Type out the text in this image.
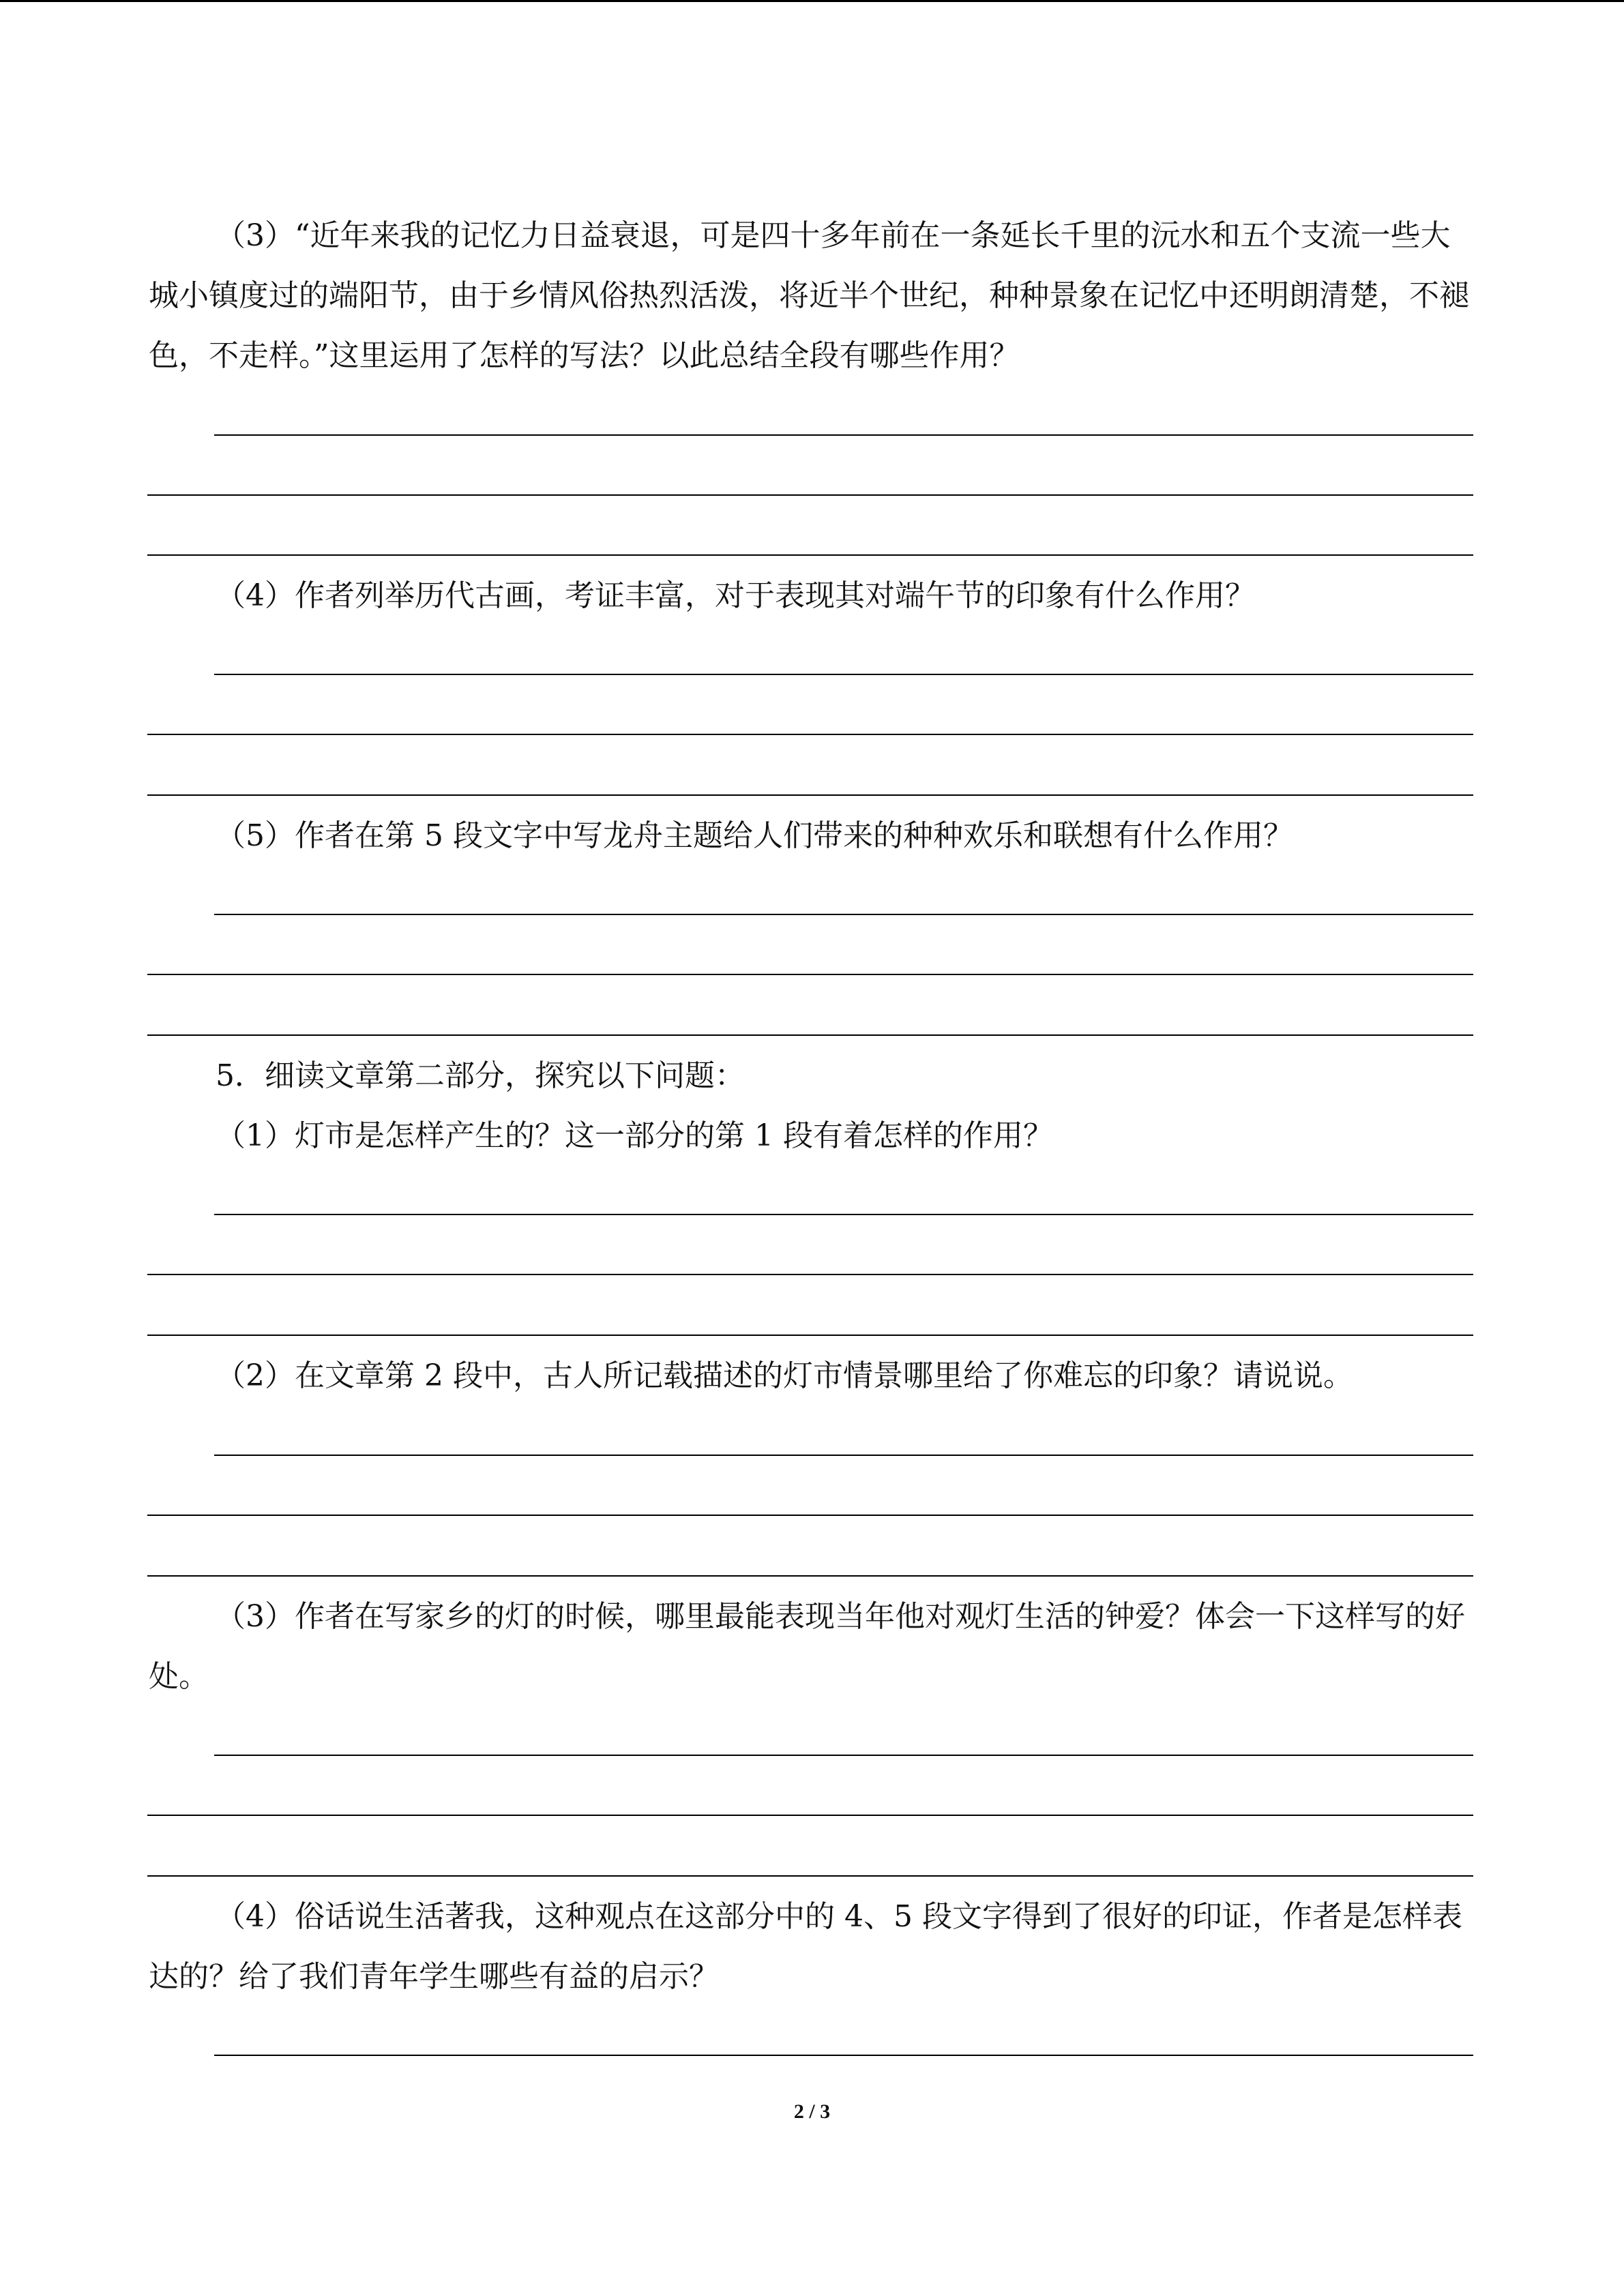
（3）“近年来我的记忆力日益衰退，可是四十多年前在一条延长千里的沅水和五个支流一些大城小镇度过的端阳节，由于乡情风俗热烈活泼，将近半个世纪，种种景象在记忆中还明朗清楚，不褪色，不走样。”这里运用了怎样的写法？以此总结全段有哪些作用？

（4）作者列举历代古画，考证丰富，对于表现其对端午节的印象有什么作用？

（5）作者在第 5 段文字中写龙舟主题给人们带来的种种欢乐和联想有什么作用？

5．细读文章第二部分，探究以下问题：

（1）灯市是怎样产生的？这一部分的第 1 段有着怎样的作用？

（2）在文章第 2 段中，古人所记载描述的灯市情景哪里给了你难忘的印象？请说说。

（3）作者在写家乡的灯的时候，哪里最能表现当年他对观灯生活的钟爱？体会一下这样写的好处。

（4）俗话说生活著我，这种观点在这部分中的 4、5 段文字得到了很好的印证，作者是怎样表达的？给了我们青年学生哪些有益的启示？

2 / 3
